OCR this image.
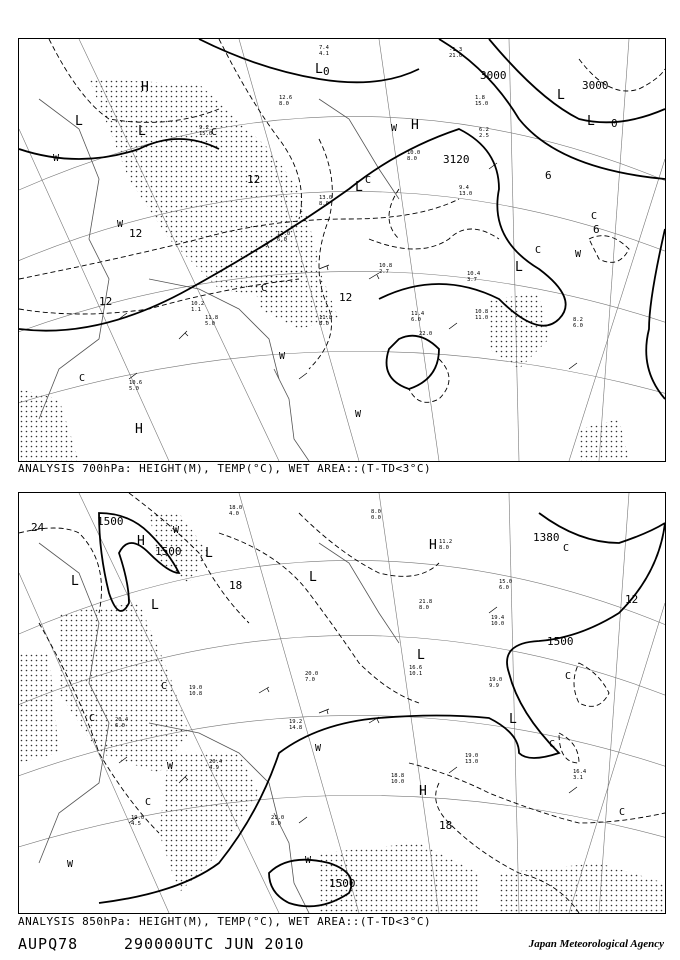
12.0
6.0
10.8
2.7	10.4
3.7
11.8
8.0
10.2
1.1
11.4
6.0
10.8
11.0	8.2
6.0
22.0
11.8
5.0
10.6
5.0
13.0
8.0
10.0
8.0
9.4
13.0
12.6
8.0
7.4
4.1
-1.3
21.0
1.8
15.0
6.2
2.5
9.2
15.0
3000
3000
3120
12
12
12	12
0
0
6
6
H
H
H
L
L
L
L
L
L
L
W
W
W
W
W
W
C
C
C
C
C
C
ANALYSIS 700hPa: HEIGHT(M), TEMP(°C), WET AREA::(T-TD<3°C)
18.0
4.0	8.0
0.0
11.2
8.0
15.0
6.0
21.8
8.0
19.4
10.0
20.0
7.0
19.2
14.8
16.6
10.1
19.0
9.9
19.0
13.0
16.4
3.1
18.8
10.0
19.0
10.8
20.4
6.0
19.0
4.5
21.0
8.0
20.4
4.9
1500
1500
1500
1500
1380
24
18
18
12
H	H
H
L
L
L
L
L
L
W
W
W	W
W
C
C
C
C
C
C
C
ANALYSIS 850hPa: HEIGHT(M), TEMP(°C), WET AREA::(T-TD<3°C)
AUPQ78	290000UTC JUN 2010	Japan Meteorological Agency
